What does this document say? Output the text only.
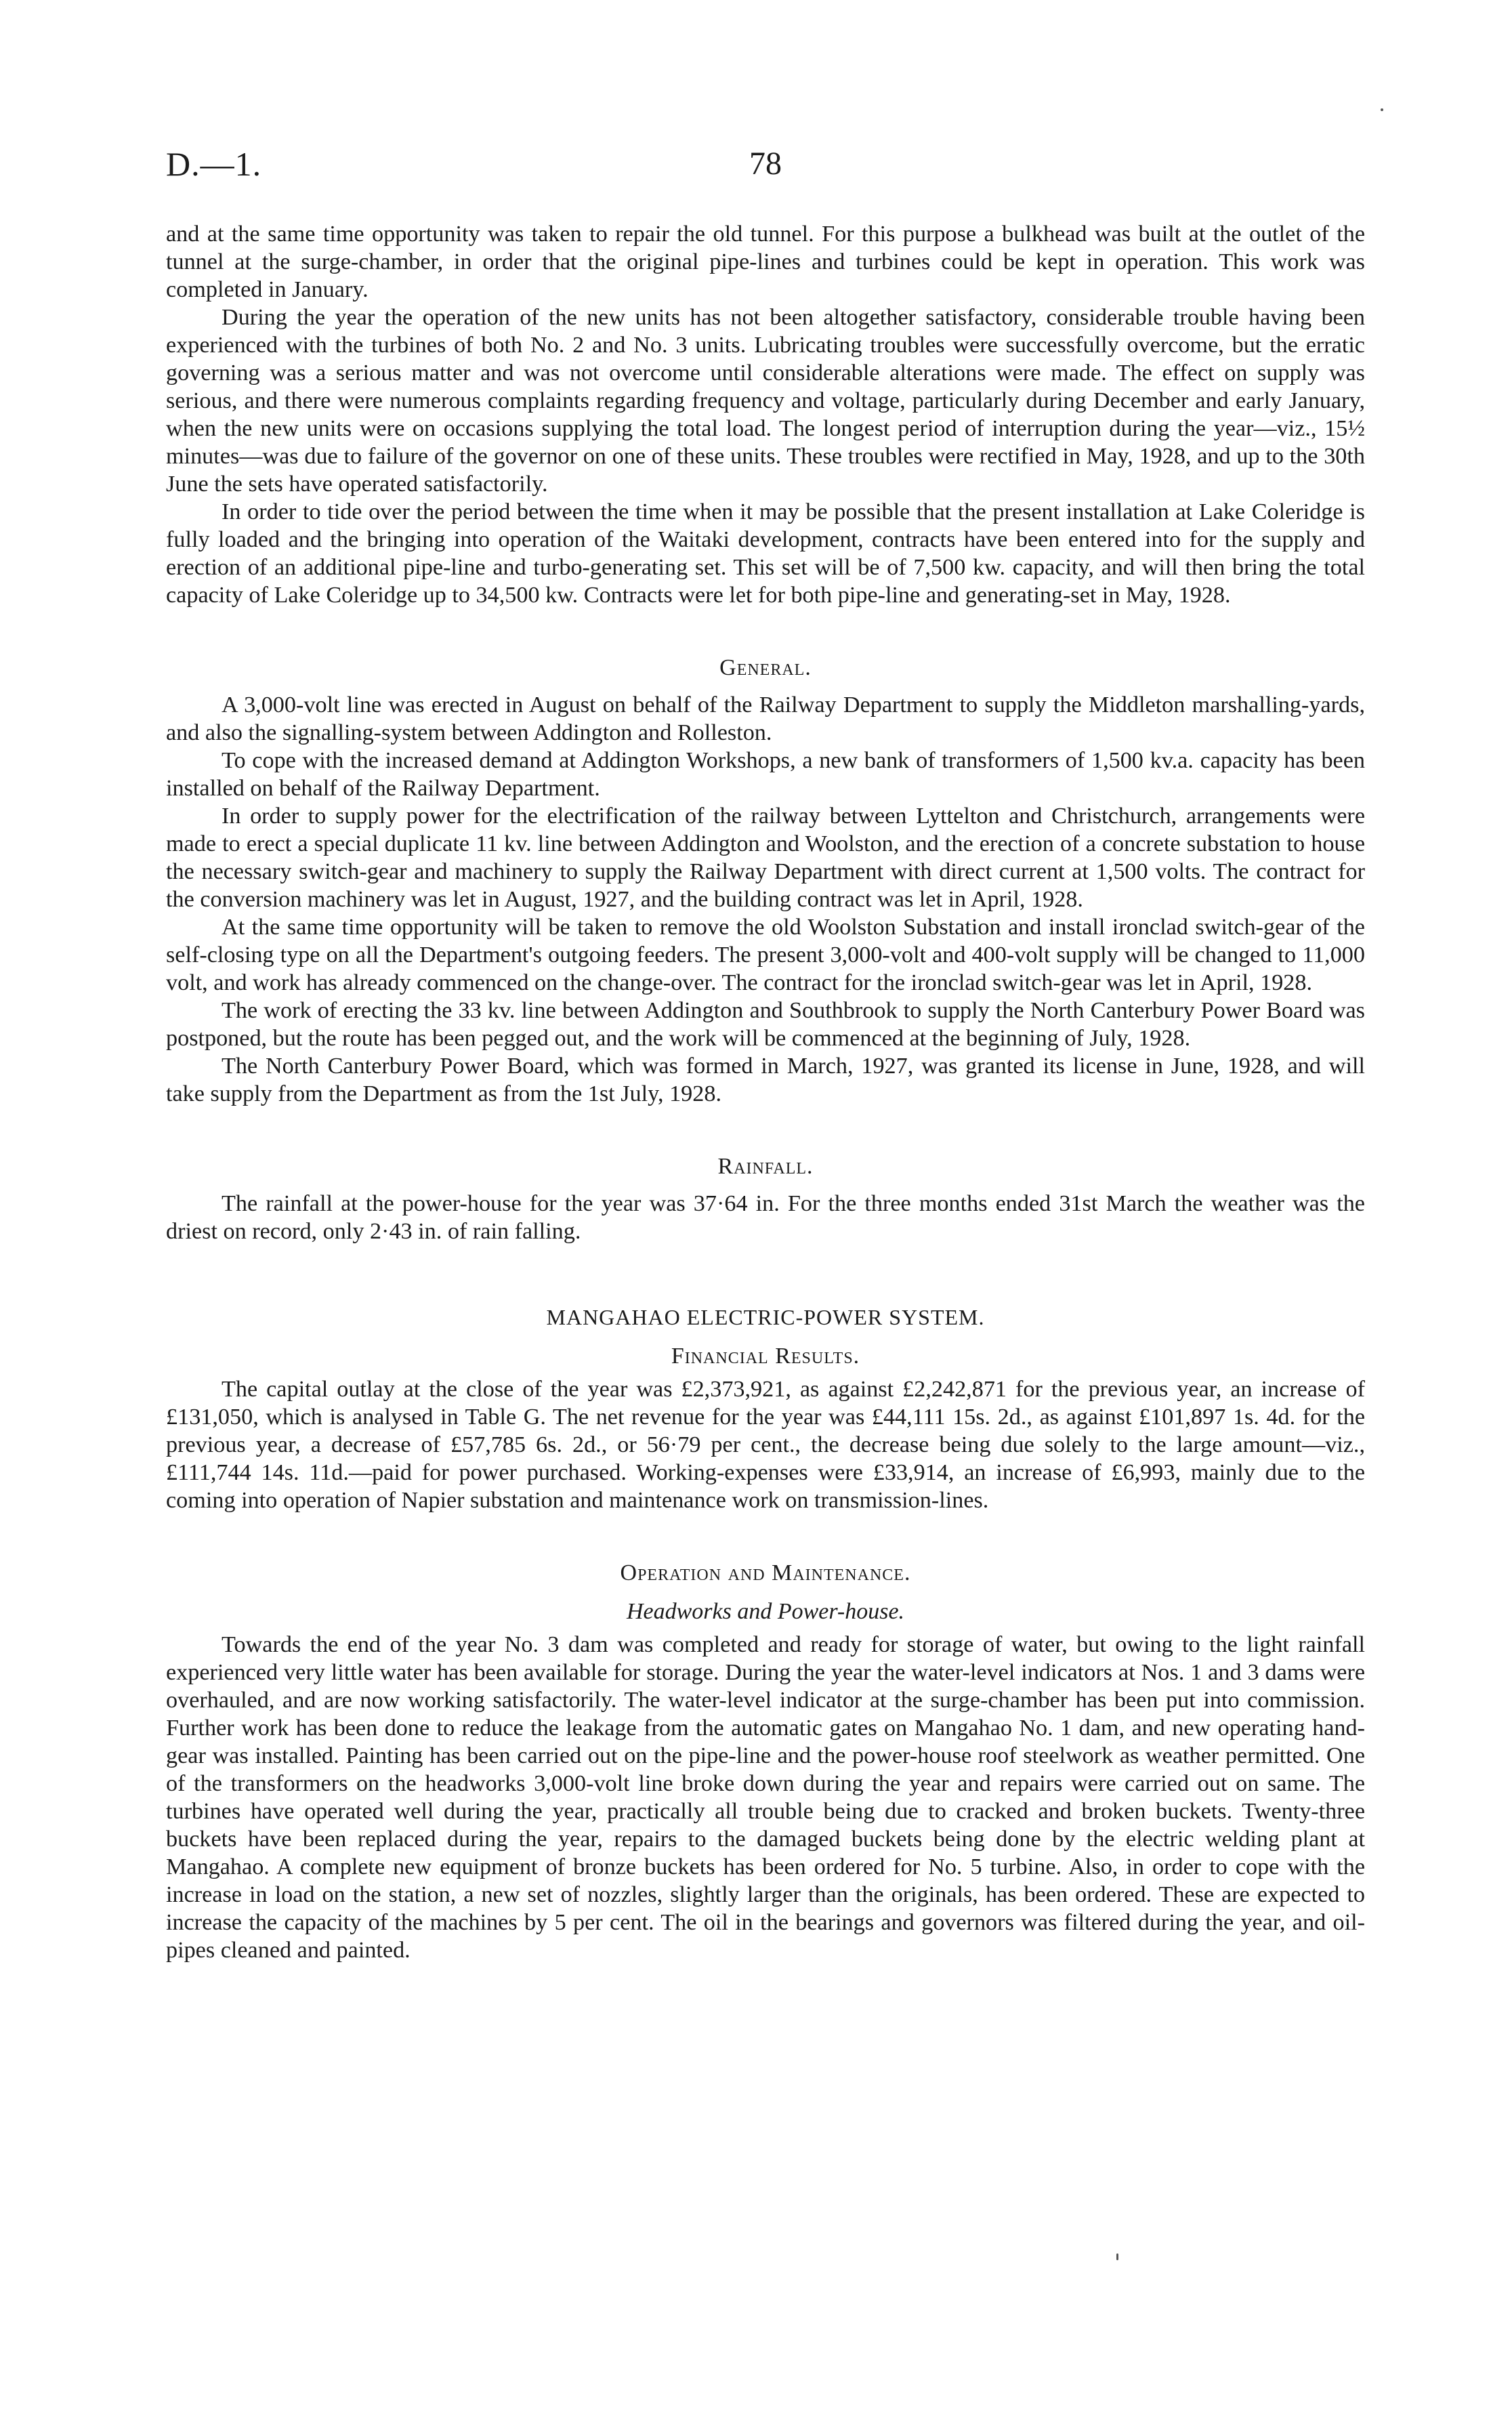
D.—1.	78

and at the same time opportunity was taken to repair the old tunnel. For this purpose a bulkhead was built at the outlet of the tunnel at the surge-chamber, in order that the original pipe-lines and turbines could be kept in operation. This work was completed in January.

During the year the operation of the new units has not been altogether satisfactory, considerable trouble having been experienced with the turbines of both No. 2 and No. 3 units. Lubricating troubles were successfully overcome, but the erratic governing was a serious matter and was not overcome until considerable alterations were made. The effect on supply was serious, and there were numerous complaints regarding frequency and voltage, particularly during December and early January, when the new units were on occasions supplying the total load. The longest period of interruption during the year—viz., 15½ minutes—was due to failure of the governor on one of these units. These troubles were rectified in May, 1928, and up to the 30th June the sets have operated satisfactorily.

In order to tide over the period between the time when it may be possible that the present installation at Lake Coleridge is fully loaded and the bringing into operation of the Waitaki development, contracts have been entered into for the supply and erection of an additional pipe-line and turbo-generating set. This set will be of 7,500 kw. capacity, and will then bring the total capacity of Lake Coleridge up to 34,500 kw. Contracts were let for both pipe-line and generating-set in May, 1928.

General.

A 3,000-volt line was erected in August on behalf of the Railway Department to supply the Middleton marshalling-yards, and also the signalling-system between Addington and Rolleston.

To cope with the increased demand at Addington Workshops, a new bank of transformers of 1,500 kv.a. capacity has been installed on behalf of the Railway Department.

In order to supply power for the electrification of the railway between Lyttelton and Christchurch, arrangements were made to erect a special duplicate 11 kv. line between Addington and Woolston, and the erection of a concrete substation to house the necessary switch-gear and machinery to supply the Railway Department with direct current at 1,500 volts. The contract for the conversion machinery was let in August, 1927, and the building contract was let in April, 1928.

At the same time opportunity will be taken to remove the old Woolston Substation and install ironclad switch-gear of the self-closing type on all the Department's outgoing feeders. The present 3,000-volt and 400-volt supply will be changed to 11,000 volt, and work has already commenced on the change-over. The contract for the ironclad switch-gear was let in April, 1928.

The work of erecting the 33 kv. line between Addington and Southbrook to supply the North Canterbury Power Board was postponed, but the route has been pegged out, and the work will be commenced at the beginning of July, 1928.

The North Canterbury Power Board, which was formed in March, 1927, was granted its license in June, 1928, and will take supply from the Department as from the 1st July, 1928.

Rainfall.

The rainfall at the power-house for the year was 37·64 in. For the three months ended 31st March the weather was the driest on record, only 2·43 in. of rain falling.

MANGAHAO ELECTRIC-POWER SYSTEM.
Financial Results.

The capital outlay at the close of the year was £2,373,921, as against £2,242,871 for the previous year, an increase of £131,050, which is analysed in Table G. The net revenue for the year was £44,111 15s. 2d., as against £101,897 1s. 4d. for the previous year, a decrease of £57,785 6s. 2d., or 56·79 per cent., the decrease being due solely to the large amount—viz., £111,744 14s. 11d.—paid for power purchased. Working-expenses were £33,914, an increase of £6,993, mainly due to the coming into operation of Napier substation and maintenance work on transmission-lines.

Operation and Maintenance.
Headworks and Power-house.

Towards the end of the year No. 3 dam was completed and ready for storage of water, but owing to the light rainfall experienced very little water has been available for storage. During the year the water-level indicators at Nos. 1 and 3 dams were overhauled, and are now working satisfactorily. The water-level indicator at the surge-chamber has been put into commission. Further work has been done to reduce the leakage from the automatic gates on Mangahao No. 1 dam, and new operating hand-gear was installed. Painting has been carried out on the pipe-line and the power-house roof steelwork as weather permitted. One of the transformers on the headworks 3,000-volt line broke down during the year and repairs were carried out on same. The turbines have operated well during the year, practically all trouble being due to cracked and broken buckets. Twenty-three buckets have been replaced during the year, repairs to the damaged buckets being done by the electric welding plant at Mangahao. A complete new equipment of bronze buckets has been ordered for No. 5 turbine. Also, in order to cope with the increase in load on the station, a new set of nozzles, slightly larger than the originals, has been ordered. These are expected to increase the capacity of the machines by 5 per cent. The oil in the bearings and governors was filtered during the year, and oil-pipes cleaned and painted.
